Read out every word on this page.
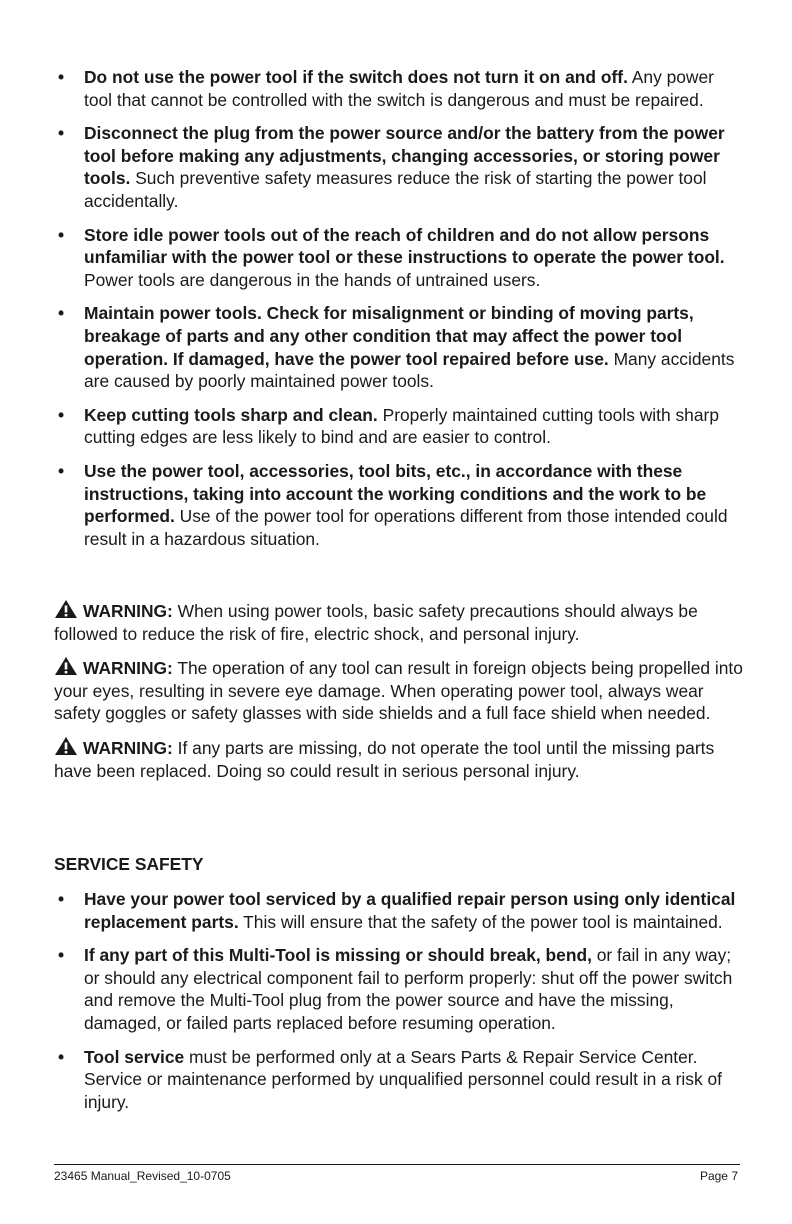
• Do not use the power tool if the switch does not turn it on and off. Any power tool that cannot be controlled with the switch is dangerous and must be repaired.
• Disconnect the plug from the power source and/or the battery from the power tool before making any adjustments, changing accessories, or storing power tools. Such preventive safety measures reduce the risk of starting the power tool accidentally.
• Store idle power tools out of the reach of children and do not allow persons unfamiliar with the power tool or these instructions to operate the power tool. Power tools are dangerous in the hands of untrained users.
• Maintain power tools. Check for misalignment or binding of moving parts, breakage of parts and any other condition that may affect the power tool operation. If damaged, have the power tool repaired before use. Many accidents are caused by poorly maintained power tools.
• Keep cutting tools sharp and clean. Properly maintained cutting tools with sharp cutting edges are less likely to bind and are easier to control.
• Use the power tool, accessories, tool bits, etc., in accordance with these instructions, taking into account the working conditions and the work to be performed. Use of the power tool for operations different from those intended could result in a hazardous situation.
WARNING: When using power tools, basic safety precautions should always be followed to reduce the risk of fire, electric shock, and personal injury.
WARNING: The operation of any tool can result in foreign objects being propelled into your eyes, resulting in severe eye damage. When operating power tool, always wear safety goggles or safety glasses with side shields and a full face shield when needed.
WARNING: If any parts are missing, do not operate the tool until the missing parts have been replaced. Doing so could result in serious personal injury.
SERVICE SAFETY
• Have your power tool serviced by a qualified repair person using only identical replacement parts. This will ensure that the safety of the power tool is maintained.
• If any part of this Multi-Tool is missing or should break, bend, or fail in any way; or should any electrical component fail to perform properly: shut off the power switch and remove the Multi-Tool plug from the power source and have the missing, damaged, or failed parts replaced before resuming operation.
• Tool service must be performed only at a Sears Parts & Repair Service Center. Service or maintenance performed by unqualified personnel could result in a risk of injury.
23465 Manual_Revised_10-0705	Page 7
